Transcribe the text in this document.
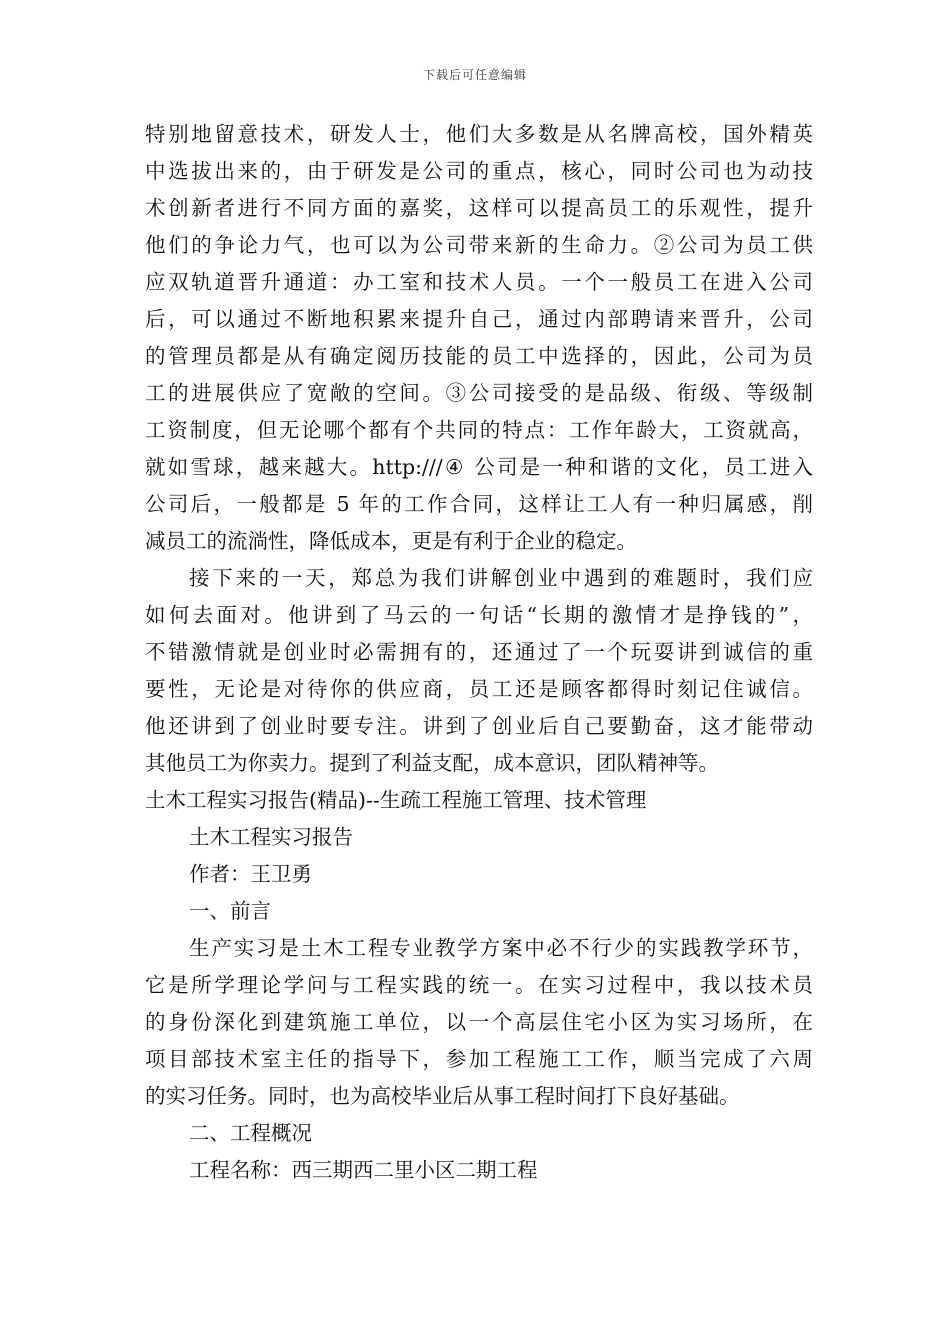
下载后可任意编辑
特别地留意技术，研发人士，他们大多数是从名牌高校，国外精英
中选拔出来的，由于研发是公司的重点，核心，同时公司也为动技
术创新者进行不同方面的嘉奖，这样可以提高员工的乐观性，提升
他们的争论力气，也可以为公司带来新的生命力。②公司为员工供
应双轨道晋升通道：办工室和技术人员。一个一般员工在进入公司
后，可以通过不断地积累来提升自己，通过内部聘请来晋升，公司
的管理员都是从有确定阅历技能的员工中选择的，因此，公司为员
工的进展供应了宽敞的空间。③公司接受的是品级、衔级、等级制
工资制度，但无论哪个都有个共同的特点：工作年龄大，工资就高，
就如雪球，越来越大。http:///④ 公司是一种和谐的文化，员工进入
公司后，一般都是 5 年的工作合同，这样让工人有一种归属感，削
减员工的流淌性，降低成本，更是有利于企业的稳定。
接下来的一天，郑总为我们讲解创业中遇到的难题时，我们应
如何去面对。他讲到了马云的一句话“长期的激情才是挣钱的”，
不错激情就是创业时必需拥有的，还通过了一个玩耍讲到诚信的重
要性，无论是对待你的供应商，员工还是顾客都得时刻记住诚信。
他还讲到了创业时要专注。讲到了创业后自己要勤奋，这才能带动
其他员工为你卖力。提到了利益支配，成本意识，团队精神等。
土木工程实习报告(精品)--生疏工程施工管理、技术管理
土木工程实习报告
作者：王卫勇
一、前言
生产实习是土木工程专业教学方案中必不行少的实践教学环节，
它是所学理论学问与工程实践的统一。在实习过程中，我以技术员
的身份深化到建筑施工单位，以一个高层住宅小区为实习场所，在
项目部技术室主任的指导下，参加工程施工工作，顺当完成了六周
的实习任务。同时，也为高校毕业后从事工程时间打下良好基础。
二、工程概况
工程名称：西三期西二里小区二期工程
